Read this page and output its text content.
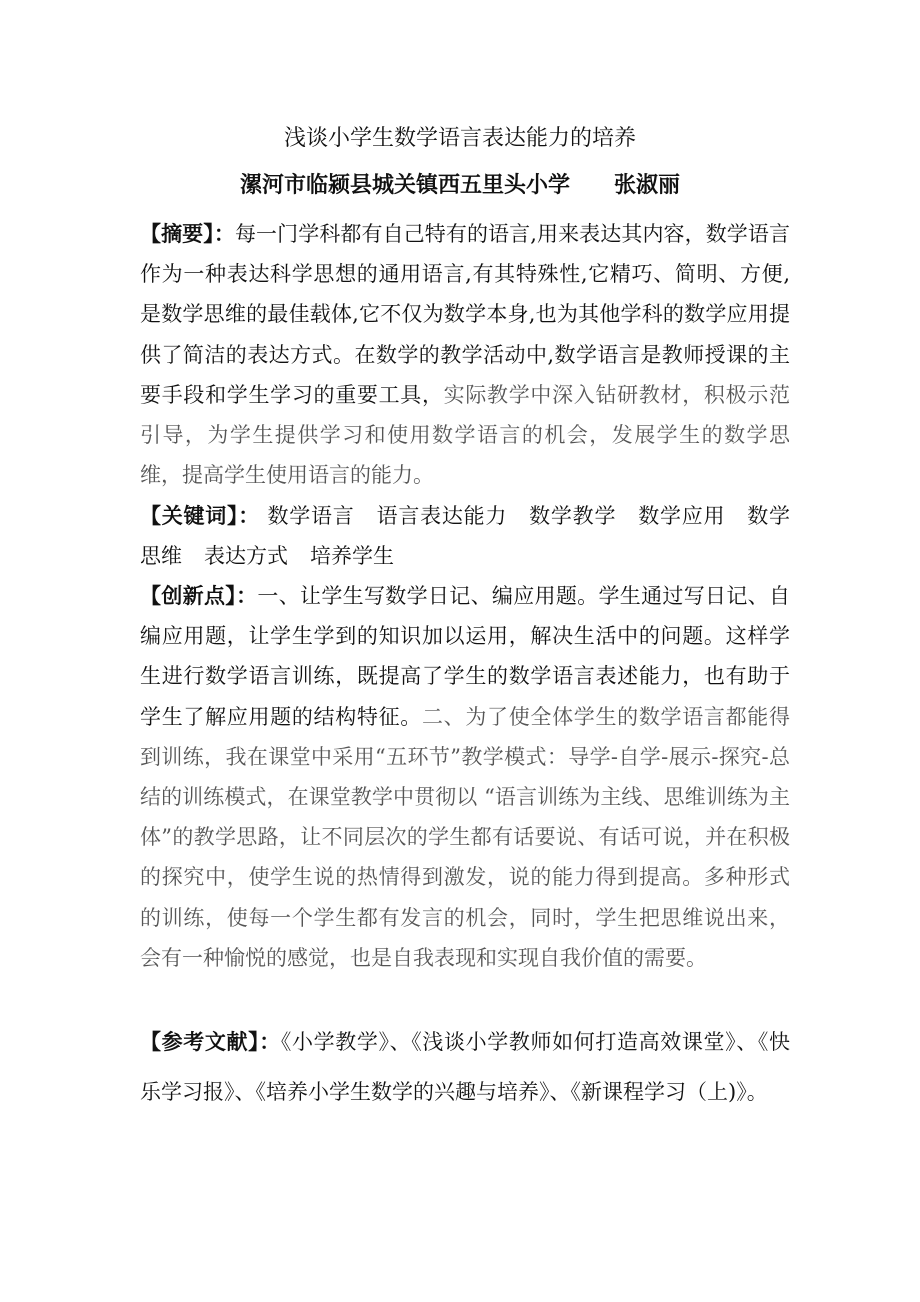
浅谈小学生数学语言表达能力的培养
漯河市临颍县城关镇西五里头小学 张淑丽
【摘要】：每一门学科都有自己特有的语言,用来表达其内容，数学语言作为一种表达科学思想的通用语言,有其特殊性,它精巧、简明、方便,是数学思维的最佳载体,它不仅为数学本身,也为其他学科的数学应用提供了简洁的表达方式。在数学的教学活动中,数学语言是教师授课的主要手段和学生学习的重要工具，实际教学中深入钻研教材，积极示范引导，为学生提供学习和使用数学语言的机会，发展学生的数学思维，提高学生使用语言的能力。
【关键词】： 数学语言 语言表达能力 数学教学 数学应用 数学思维 表达方式 培养学生
【创新点】：一、让学生写数学日记、编应用题。学生通过写日记、自编应用题，让学生学到的知识加以运用，解决生活中的问题。这样学生进行数学语言训练，既提高了学生的数学语言表述能力，也有助于学生了解应用题的结构特征。二、为了使全体学生的数学语言都能得到训练，我在课堂中采用“五环节”教学模式：导学-自学-展示-探究-总结的训练模式，在课堂教学中贯彻以 “语言训练为主线、思维训练为主体”的教学思路，让不同层次的学生都有话要说、有话可说，并在积极的探究中，使学生说的热情得到激发，说的能力得到提高。多种形式的训练，使每一个学生都有发言的机会，同时，学生把思维说出来，会有一种愉悦的感觉，也是自我表现和实现自我价值的需要。
【参考文献】：《小学教学》、《浅谈小学教师如何打造高效课堂》、《快乐学习报》、《培养小学生数学的兴趣与培养》、《新课程学习（上)》。
